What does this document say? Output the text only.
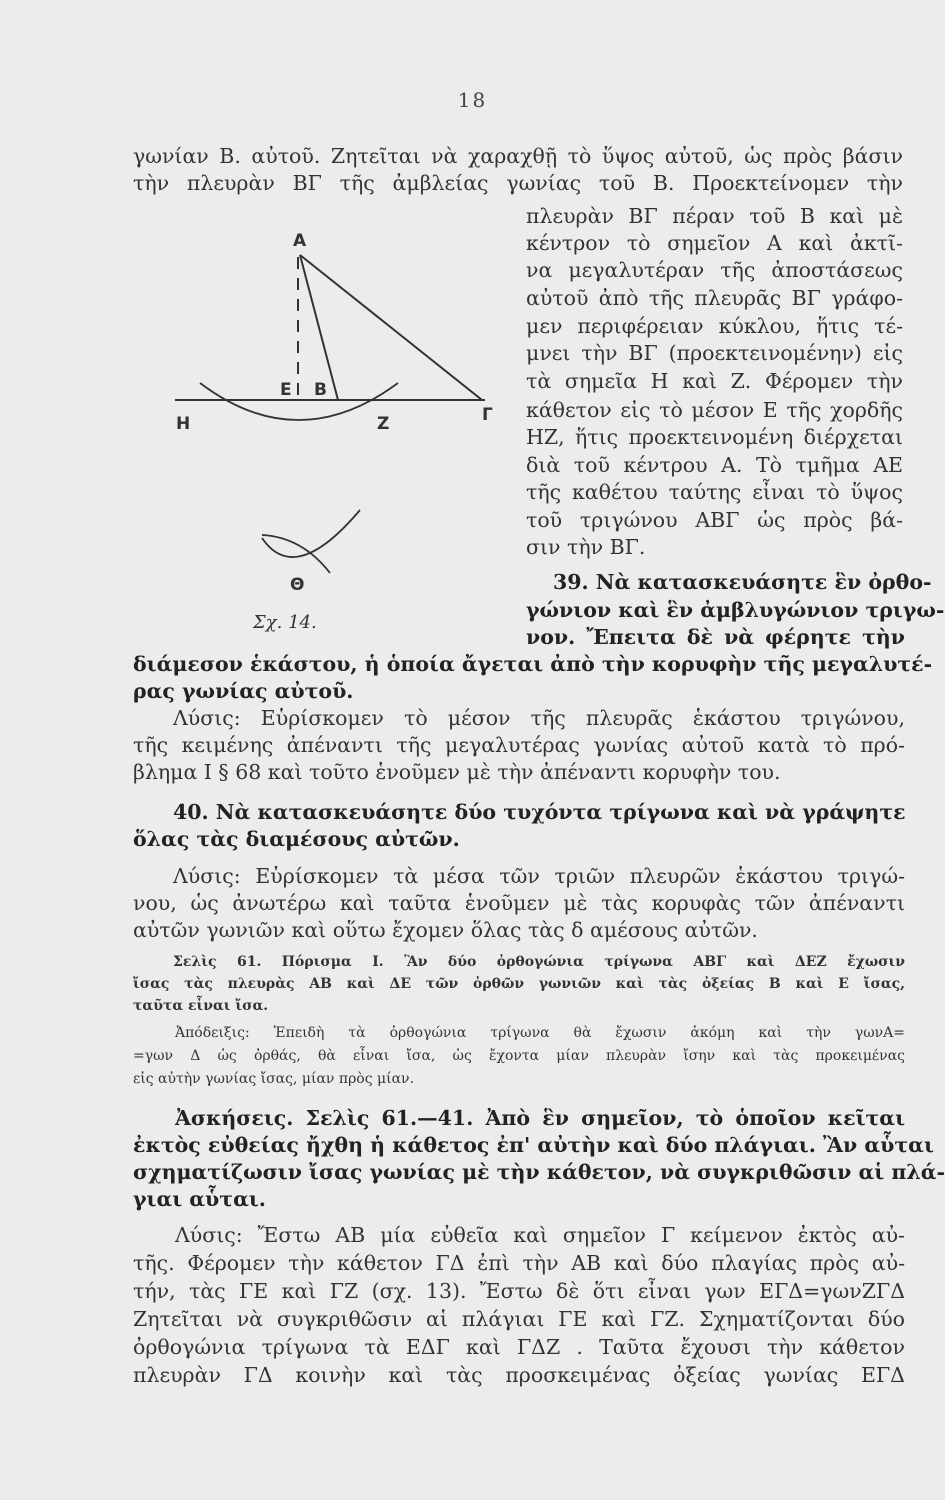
18
γωνίαν Β. αὐτοῦ. Ζητεῖται νὰ χαραχθῇ τὸ ὕψος αὐτοῦ, ὡς πρὸς βάσιν
τὴν πλευρὰν ΒΓ τῆς ἀμβλείας γωνίας τοῦ Β. Προεκτείνομεν τὴν
Α
Ε Β
Η	Ζ	Γ
Θ
Σχ. 14.
πλευρὰν ΒΓ πέραν τοῦ Β καὶ μὲ
κέντρον τὸ σημεῖον Α καὶ ἀκτῖ-
να μεγαλυτέραν τῆς ἀποστάσεως
αὐτοῦ ἀπὸ τῆς πλευρᾶς ΒΓ γράφο-
μεν περιφέρειαν κύκλου, ἥτις τέ-
μνει τὴν ΒΓ (προεκτεινομένην) εἰς
τὰ σημεῖα Η καὶ Ζ. Φέρομεν τὴν
κάθετον εἰς τὸ μέσον Ε τῆς χορδῆς
ΗΖ, ἥτις προεκτεινομένη διέρχεται
διὰ τοῦ κέντρου Α. Τὸ τμῆμα ΑΕ
τῆς καθέτου ταύτης εἶναι τὸ ὕψος
τοῦ τριγώνου ΑΒΓ ὡς πρὸς βά-
σιν τὴν ΒΓ.
39. Νὰ κατασκευάσητε ἓν ὀρθο-
γώνιον καὶ ἓν ἀμβλυγώνιον τριγω-
νον. Ἔπειτα δὲ νὰ φέρητε τὴν
διάμεσον ἑκάστου, ἡ ὁποία ἄγεται ἀπὸ τὴν κορυφὴν τῆς μεγαλυτέ-
ρας γωνίας αὐτοῦ.
Λύσις: Εὑρίσκομεν τὸ μέσον τῆς πλευρᾶς ἑκάστου τριγώνου,
τῆς κειμένης ἀπέναντι τῆς μεγαλυτέρας γωνίας αὐτοῦ κατὰ τὸ πρό-
βλημα Ι § 68 καὶ τοῦτο ἑνοῦμεν μὲ τὴν ἀπέναντι κορυφὴν του.
40. Νὰ κατασκευάσητε δύο τυχόντα τρίγωνα καὶ νὰ γράψητε
ὅλας τὰς διαμέσους αὐτῶν.
Λύσις: Εὑρίσκομεν τὰ μέσα τῶν τριῶν πλευρῶν ἑκάστου τριγώ-
νου, ὡς ἀνωτέρω καὶ ταῦτα ἑνοῦμεν μὲ τὰς κορυφὰς τῶν ἀπέναντι
αὐτῶν γωνιῶν καὶ οὕτω ἔχομεν ὅλας τὰς δ αμέσους αὐτῶν.
Σελὶς 61. Πόρισμα Ι. Ἂν δύο ὀρθογώνια τρίγωνα ΑΒΓ καὶ ΔΕΖ ἔχωσιν
ἴσας τὰς πλευρὰς ΑΒ καὶ ΔΕ τῶν ὀρθῶν γωνιῶν καὶ τὰς ὀξείας Β καὶ Ε ἴσας,
ταῦτα εἶναι ἴσα.
Ἀπόδειξις: Ἐπειδὴ τὰ ὀρθογώνια τρίγωνα θὰ ἔχωσιν ἀκόμη καὶ τὴν γωνΑ=
=γων Δ ὡς ὀρθάς, θὰ εἶναι ἴσα, ὡς ἔχοντα μίαν πλευρὰν ἴσην καὶ τὰς προκειμένας
εἰς αὐτὴν γωνίας ἴσας, μίαν πρὸς μίαν.
Ἀσκήσεις. Σελὶς 61.—41. Ἀπὸ ἓν σημεῖον, τὸ ὁποῖον κεῖται
ἐκτὸς εὐθείας ἤχθη ἡ κάθετος ἐπ' αὐτὴν καὶ δύο πλάγιαι. Ἂν αὗται
σχηματίζωσιν ἴσας γωνίας μὲ τὴν κάθετον, νὰ συγκριθῶσιν αἱ πλά-
γιαι αὗται.
Λύσις: Ἔστω ΑΒ μία εὐθεῖα καὶ σημεῖον Γ κείμενον ἐκτὸς αὐ-
τῆς. Φέρομεν τὴν κάθετον ΓΔ ἐπὶ τὴν ΑΒ καὶ δύο πλαγίας πρὸς αὐ-
τήν, τὰς ΓΕ καὶ ΓΖ (σχ. 13). Ἔστω δὲ ὅτι εἶναι γων ΕΓΔ=γωνΖΓΔ
Ζητεῖται νὰ συγκριθῶσιν αἱ πλάγιαι ΓΕ καὶ ΓΖ. Σχηματίζονται δύο
ὀρθογώνια τρίγωνα τὰ ΕΔΓ καὶ ΓΔΖ . Ταῦτα ἔχουσι τὴν κάθετον
πλευρὰν ΓΔ κοινὴν καὶ τὰς προσκειμένας ὀξείας γωνίας ΕΓΔ
